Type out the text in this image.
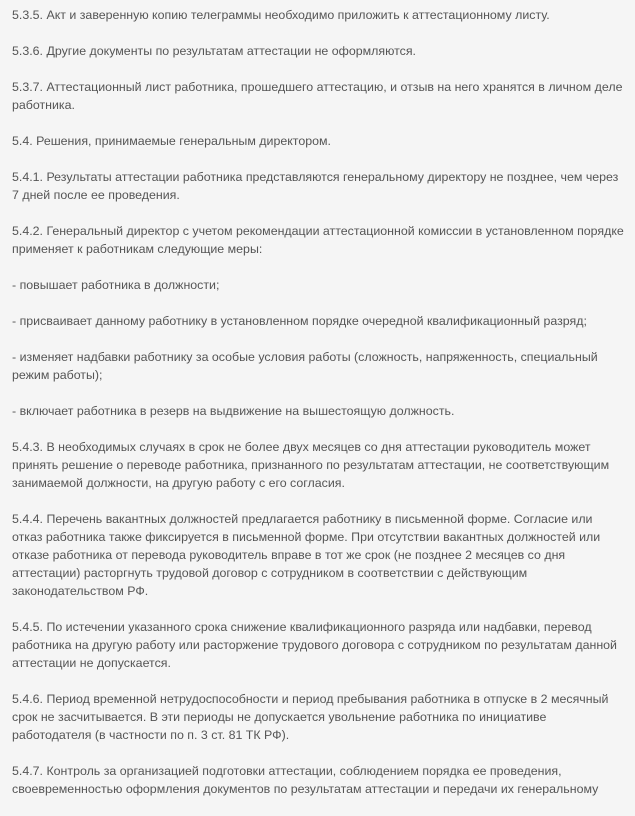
5.3.5. Акт и заверенную копию телеграммы необходимо приложить к аттестационному листу.

5.3.6. Другие документы по результатам аттестации не оформляются.

5.3.7. Аттестационный лист работника, прошедшего аттестацию, и отзыв на него хранятся в личном деле работника.

5.4. Решения, принимаемые генеральным директором.

5.4.1. Результаты аттестации работника представляются генеральному директору не позднее, чем через 7 дней после ее проведения.

5.4.2. Генеральный директор с учетом рекомендации аттестационной комиссии в установленном порядке применяет к работникам следующие меры:

- повышает работника в должности;

- присваивает данному работнику в установленном порядке очередной квалификационный разряд;

- изменяет надбавки работнику за особые условия работы (сложность, напряженность, специальный режим работы);

- включает работника в резерв на выдвижение на вышестоящую должность.

5.4.3. В необходимых случаях в срок не более двух месяцев со дня аттестации руководитель может принять решение о переводе работника, признанного по результатам аттестации, не соответствующим занимаемой должности, на другую работу с его согласия.

5.4.4. Перечень вакантных должностей предлагается работнику в письменной форме. Согласие или отказ работника также фиксируется в письменной форме. При отсутствии вакантных должностей или отказе работника от перевода руководитель вправе в тот же срок (не позднее 2 месяцев со дня аттестации) расторгнуть трудовой договор с сотрудником в соответствии с действующим законодательством РФ.

5.4.5. По истечении указанного срока снижение квалификационного разряда или надбавки, перевод работника на другую работу или расторжение трудового договора с сотрудником по результатам данной аттестации не допускается.

5.4.6. Период временной нетрудоспособности и период пребывания работника в отпуске в 2 месячный срок не засчитывается. В эти периоды не допускается увольнение работника по инициативе работодателя (в частности по п. 3 ст. 81 ТК РФ).

5.4.7. Контроль за организацией подготовки аттестации, соблюдением порядка ее проведения, своевременностью оформления документов по результатам аттестации и передачи их генеральному
